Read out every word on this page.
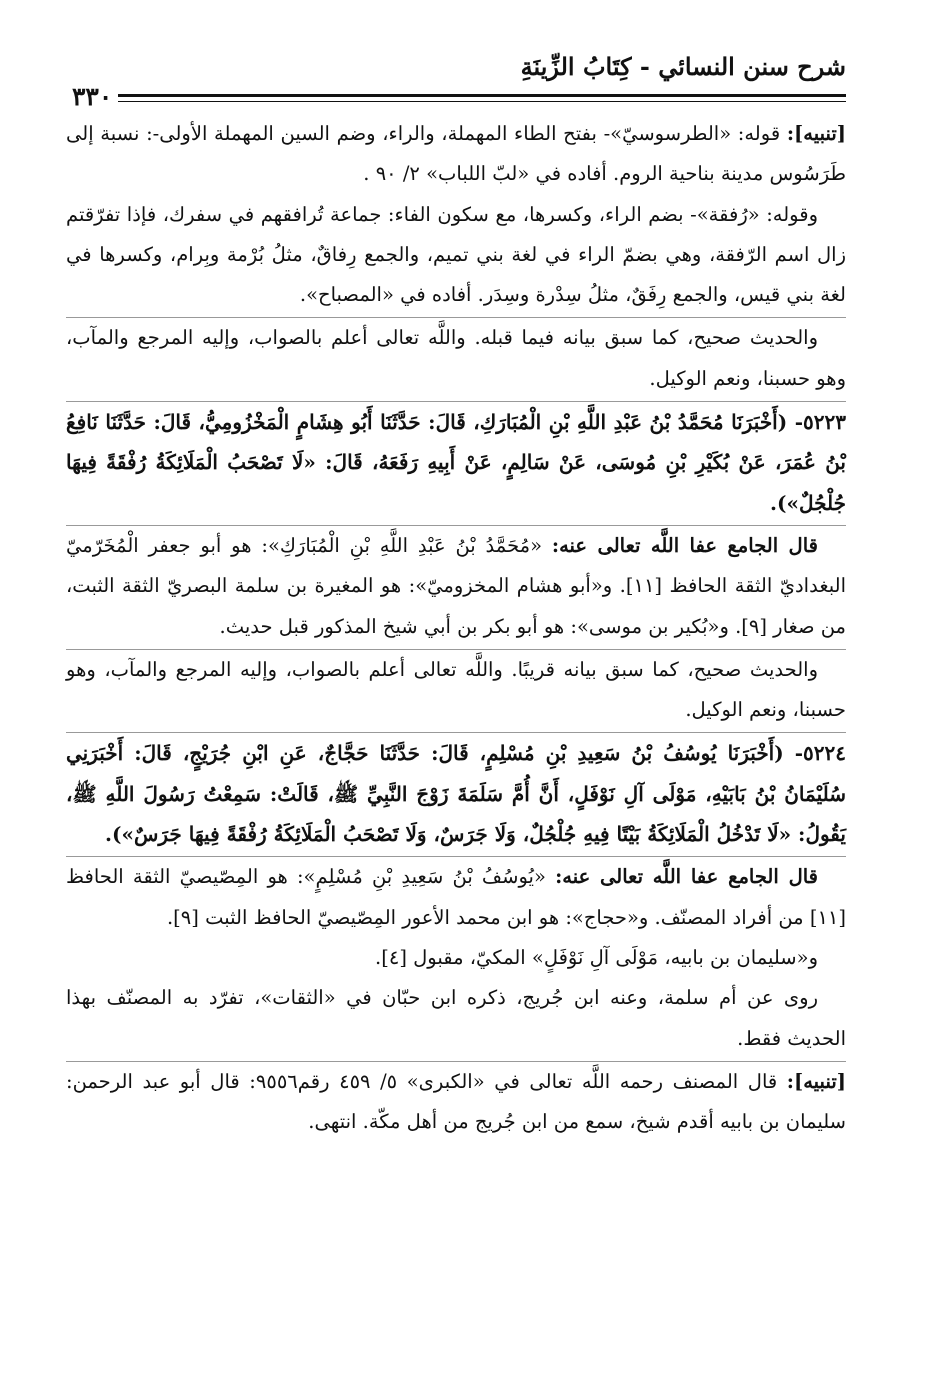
شرح سنن النسائي - كِتَابُ الزِّينَةِ
٣٣٠

[تنبيه]: قوله: «الطرسوسيّ»- بفتح الطاء المهملة، والراء، وضم السين المهملة الأولى-: نسبة إلى طَرَسُوس مدينة بناحية الروم. أفاده في «لبّ اللباب» ٢/ ٩٠ .

وقوله: «رُفقة»- بضم الراء، وكسرها، مع سكون الفاء: جماعة تُرافقهم في سفرك، فإذا تفرّقتم زال اسم الرّفقة، وهي بضمّ الراء في لغة بني تميم، والجمع رِفاقٌ، مثلُ بُرْمة وبِرام، وكسرها في لغة بني قيس، والجمع رِفَقٌ، مثلُ سِدْرة وسِدَر. أفاده في «المصباح».

والحديث صحيح، كما سبق بيانه فيما قبله. واللَّه تعالى أعلم بالصواب، وإليه المرجع والمآب، وهو حسبنا، ونعم الوكيل.

٥٢٢٣- (أَخْبَرَنَا مُحَمَّدُ بْنُ عَبْدِ اللَّهِ بْنِ الْمُبَارَكِ، قَالَ: حَدَّثَنَا أَبُو هِشَامٍ الْمَخْزُومِيُّ، قَالَ: حَدَّثَنَا نَافِعُ بْنُ عُمَرَ، عَنْ بُكَيْرِ بْنِ مُوسَى، عَنْ سَالِمٍ، عَنْ أَبِيهِ رَفَعَهُ، قَالَ: «لَا تَصْحَبُ الْمَلَائِكَةُ رُفْقَةً فِيهَا جُلْجُلٌ»).

قال الجامع عفا اللَّه تعالى عنه: «مُحَمَّدُ بْنُ عَبْدِ اللَّهِ بْنِ الْمُبَارَكِ»: هو أبو جعفر الْمُخَرّميّ البغداديّ الثقة الحافظ [١١]. و«أبو هشام المخزوميّ»: هو المغيرة بن سلمة البصريّ الثقة الثبت، من صغار [٩]. و«بُكير بن موسى»: هو أبو بكر بن أبي شيخ المذكور قبل حديث.

والحديث صحيح، كما سبق بيانه قريبًا. واللَّه تعالى أعلم بالصواب، وإليه المرجع والمآب، وهو حسبنا، ونعم الوكيل.

٥٢٢٤- (أَخْبَرَنَا يُوسُفُ بْنُ سَعِيدِ بْنِ مُسْلِمٍ، قَالَ: حَدَّثَنَا حَجَّاجٌ، عَنِ ابْنِ جُرَيْجٍ، قَالَ: أَخْبَرَنِي سُلَيْمَانُ بْنُ بَابَيْهِ، مَوْلَى آلِ نَوْفَلٍ، أَنَّ أُمَّ سَلَمَةَ زَوْجَ النَّبِيِّ ﷺ، قَالَتْ: سَمِعْتُ رَسُولَ اللَّهِ ﷺ، يَقُولُ: «لَا تَدْخُلُ الْمَلَائِكَةُ بَيْتًا فِيهِ جُلْجُلٌ، وَلَا جَرَسٌ، وَلَا تَصْحَبُ الْمَلَائِكَةُ رُفْقَةً فِيهَا جَرَسٌ»).

قال الجامع عفا اللَّه تعالى عنه: «يُوسُفُ بْنُ سَعِيدِ بْنِ مُسْلِمٍ»: هو المِصّيصيّ الثقة الحافظ [١١] من أفراد المصنّف. و«حجاج»: هو ابن محمد الأعور المِصّيصيّ الحافظ الثبت [٩].

و«سليمان بن بابيه، مَوْلَى آلِ نَوْفَلٍ» المكيّ، مقبول [٤].

روى عن أم سلمة، وعنه ابن جُريج، ذكره ابن حبّان في «الثقات»، تفرّد به المصنّف بهذا الحديث فقط.

[تنبيه]: قال المصنف رحمه اللَّه تعالى في «الكبرى» ٥/ ٤٥٩ رقم٩٥٥٦: قال أبو عبد الرحمن: سليمان بن بابيه أقدم شيخ، سمع من ابن جُريج من أهل مكّة. انتهى.
